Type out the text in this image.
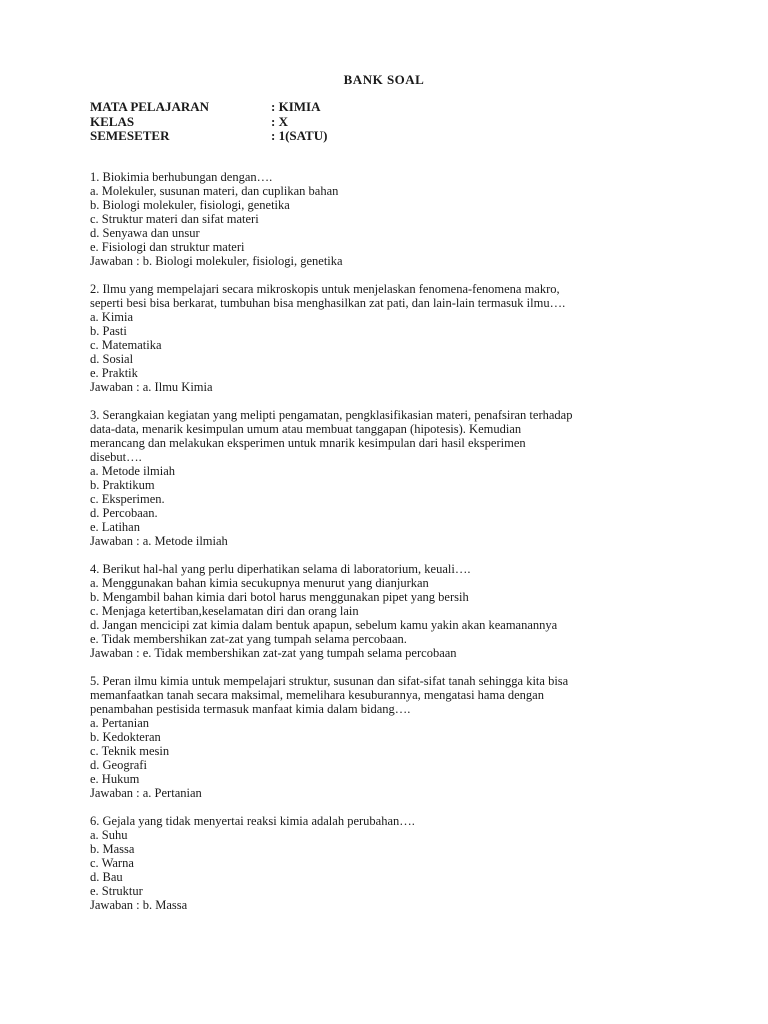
BANK SOAL
MATA PELAJARAN	: KIMIA
KELAS	: X
SEMESETER	: 1(SATU)
1. Biokimia berhubungan dengan….
a. Molekuler, susunan materi, dan cuplikan bahan
b. Biologi molekuler, fisiologi, genetika
c. Struktur materi dan sifat materi
d. Senyawa dan unsur
e. Fisiologi dan struktur materi
Jawaban : b. Biologi molekuler, fisiologi, genetika
2. Ilmu yang mempelajari secara mikroskopis untuk menjelaskan fenomena-fenomena makro,
seperti besi bisa berkarat, tumbuhan bisa menghasilkan zat pati, dan lain-lain termasuk ilmu….
a. Kimia
b. Pasti
c. Matematika
d. Sosial
e. Praktik
Jawaban : a. Ilmu Kimia
3. Serangkaian kegiatan yang melipti pengamatan, pengklasifikasian materi, penafsiran terhadap
data-data, menarik kesimpulan umum atau membuat tanggapan (hipotesis). Kemudian
merancang dan melakukan eksperimen untuk mnarik kesimpulan dari hasil eksperimen
disebut….
a. Metode ilmiah
b. Praktikum
c. Eksperimen.
d. Percobaan.
e. Latihan
Jawaban : a. Metode ilmiah
4. Berikut hal-hal yang perlu diperhatikan selama di laboratorium, keuali….
a. Menggunakan bahan kimia secukupnya menurut yang dianjurkan
b. Mengambil bahan kimia dari botol harus menggunakan pipet yang bersih
c. Menjaga ketertiban,keselamatan diri dan orang lain
d. Jangan mencicipi zat kimia dalam bentuk apapun, sebelum kamu yakin akan keamanannya
e. Tidak membershikan zat-zat yang tumpah selama percobaan.
Jawaban : e. Tidak membershikan zat-zat yang tumpah selama percobaan
5. Peran ilmu kimia untuk mempelajari struktur, susunan dan sifat-sifat tanah sehingga kita bisa
memanfaatkan tanah secara maksimal, memelihara kesuburannya, mengatasi hama dengan
penambahan pestisida termasuk manfaat kimia dalam bidang….
a. Pertanian
b. Kedokteran
c. Teknik mesin
d. Geografi
e. Hukum
Jawaban : a. Pertanian
6. Gejala yang tidak menyertai reaksi kimia adalah perubahan….
a. Suhu
b. Massa
c. Warna
d. Bau
e. Struktur
Jawaban : b. Massa
